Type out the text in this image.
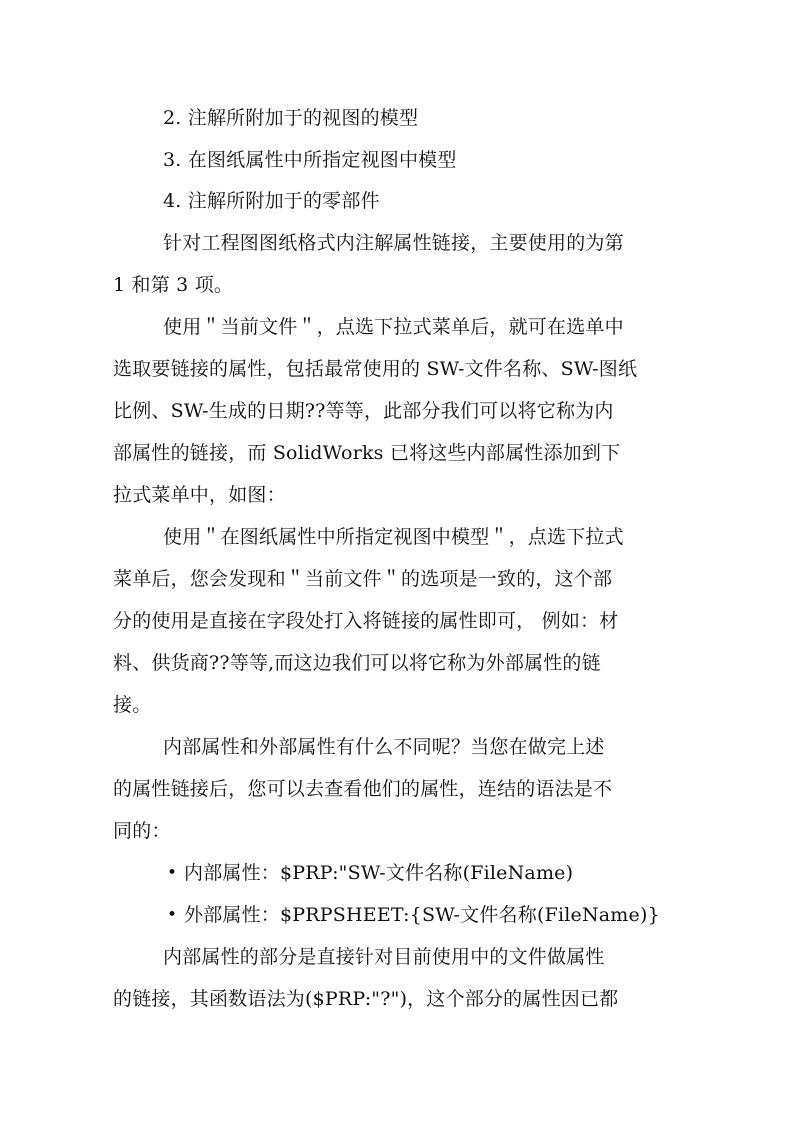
2. 注解所附加于的视图的模型
3. 在图纸属性中所指定视图中模型
4. 注解所附加于的零部件
针对工程图图纸格式内注解属性链接，主要使用的为第
1 和第 3 项。
使用＂当前文件＂，点选下拉式菜单后，就可在选单中
选取要链接的属性，包括最常使用的 SW-文件名称、SW-图纸
比例、SW-生成的日期??等等，此部分我们可以将它称为内
部属性的链接，而 SolidWorks 已将这些内部属性添加到下
拉式菜单中，如图：
使用＂在图纸属性中所指定视图中模型＂，点选下拉式
菜单后，您会发现和＂当前文件＂的选项是一致的，这个部
分的使用是直接在字段处打入将链接的属性即可， 例如：材
料、供货商??等等,而这边我们可以将它称为外部属性的链
接。
内部属性和外部属性有什么不同呢？当您在做完上述
的属性链接后，您可以去查看他们的属性，连结的语法是不
同的：
• 内部属性：$PRP:"SW-文件名称(FileName)
• 外部属性：$PRPSHEET:{SW-文件名称(FileName)}
内部属性的部分是直接针对目前使用中的文件做属性
的链接，其函数语法为($PRP:"?")，这个部分的属性因已都
